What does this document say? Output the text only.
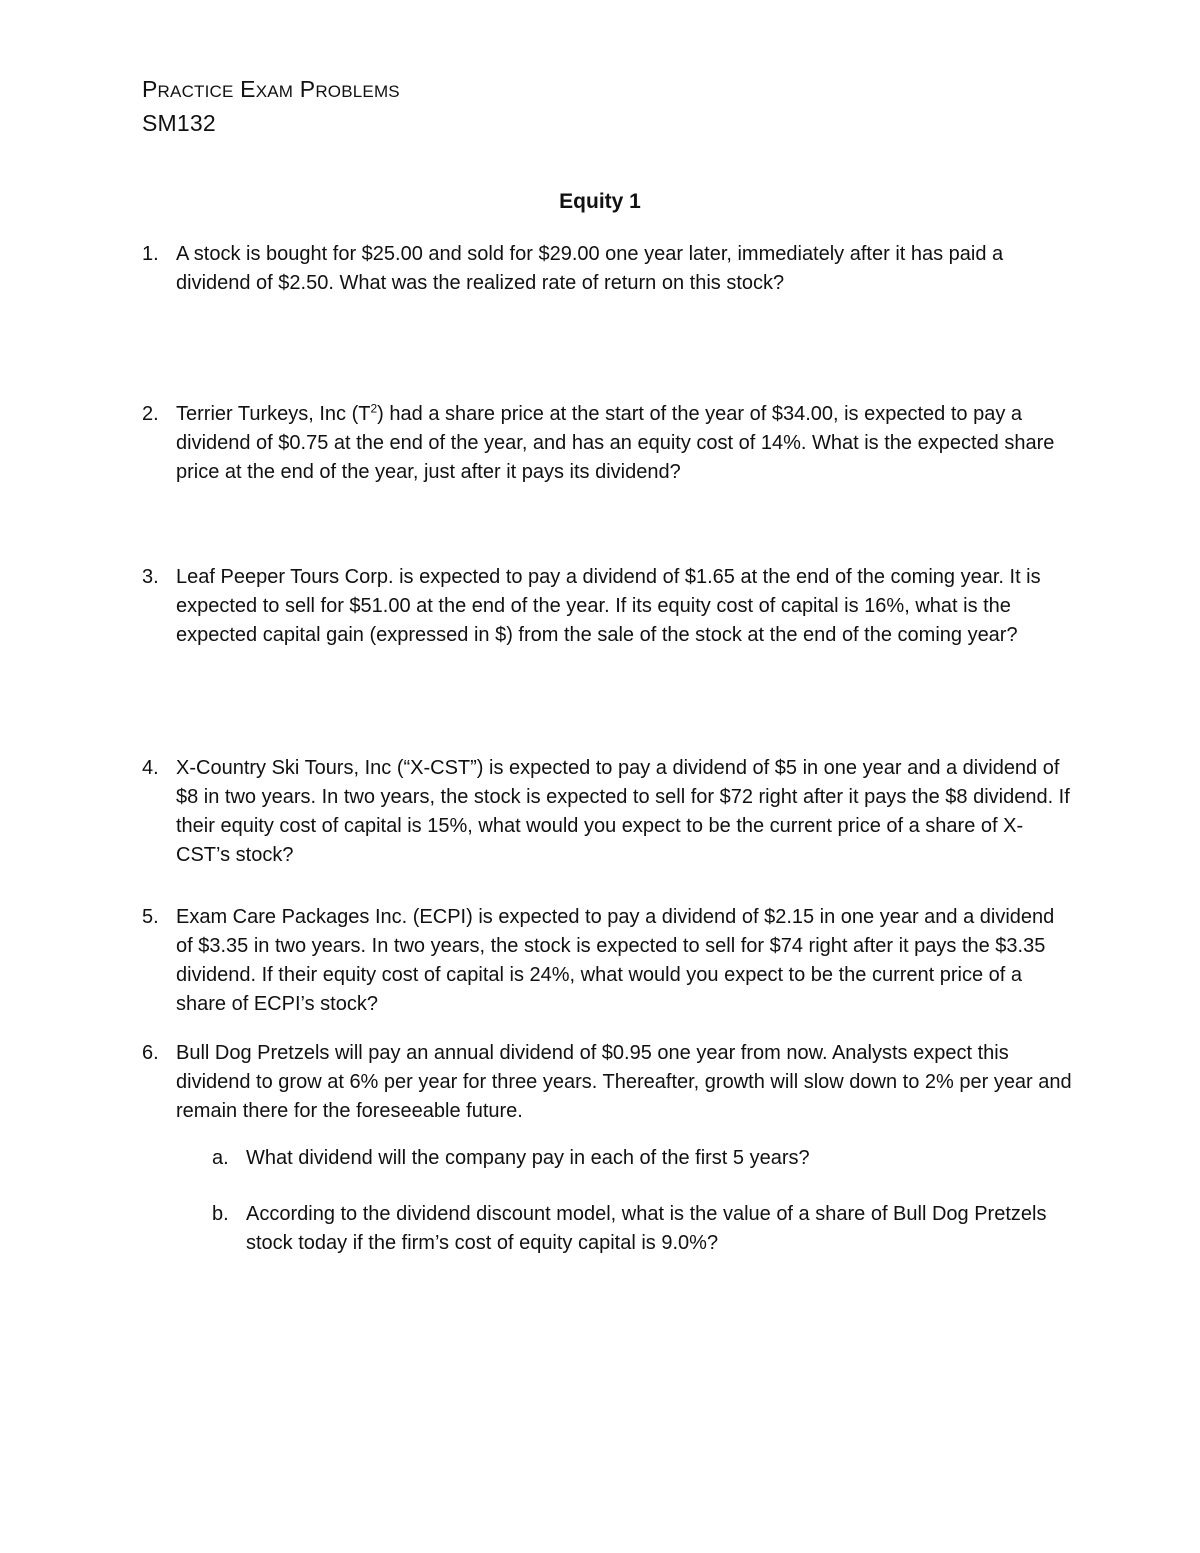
PRACTICE EXAM PROBLEMS
SM132
Equity 1
1. A stock is bought for $25.00 and sold for $29.00 one year later, immediately after it has paid a dividend of $2.50. What was the realized rate of return on this stock?
2. Terrier Turkeys, Inc $(T^2)$ had a share price at the start of the year of $34.00, is expected to pay a dividend of $0.75 at the end of the year, and has an equity cost of 14%. What is the expected share price at the end of the year, just after it pays its dividend?
3. Leaf Peeper Tours Corp. is expected to pay a dividend of $1.65 at the end of the coming year. It is expected to sell for $51.00 at the end of the year. If its equity cost of capital is 16%, what is the expected capital gain (expressed in $) from the sale of the stock at the end of the coming year?
4. X-Country Ski Tours, Inc (“X-CST”) is expected to pay a dividend of $5 in one year and a dividend of $8 in two years. In two years, the stock is expected to sell for $72 right after it pays the $8 dividend. If their equity cost of capital is 15%, what would you expect to be the current price of a share of X-CST’s stock?
5. Exam Care Packages Inc. (ECPI) is expected to pay a dividend of $2.15 in one year and a dividend of $3.35 in two years. In two years, the stock is expected to sell for $74 right after it pays the $3.35 dividend. If their equity cost of capital is 24%, what would you expect to be the current price of a share of ECPI’s stock?
6. Bull Dog Pretzels will pay an annual dividend of $0.95 one year from now. Analysts expect this dividend to grow at 6% per year for three years. Thereafter, growth will slow down to 2% per year and remain there for the foreseeable future.
a. What dividend will the company pay in each of the first 5 years?
b. According to the dividend discount model, what is the value of a share of Bull Dog Pretzels stock today if the firm’s cost of equity capital is 9.0%?
